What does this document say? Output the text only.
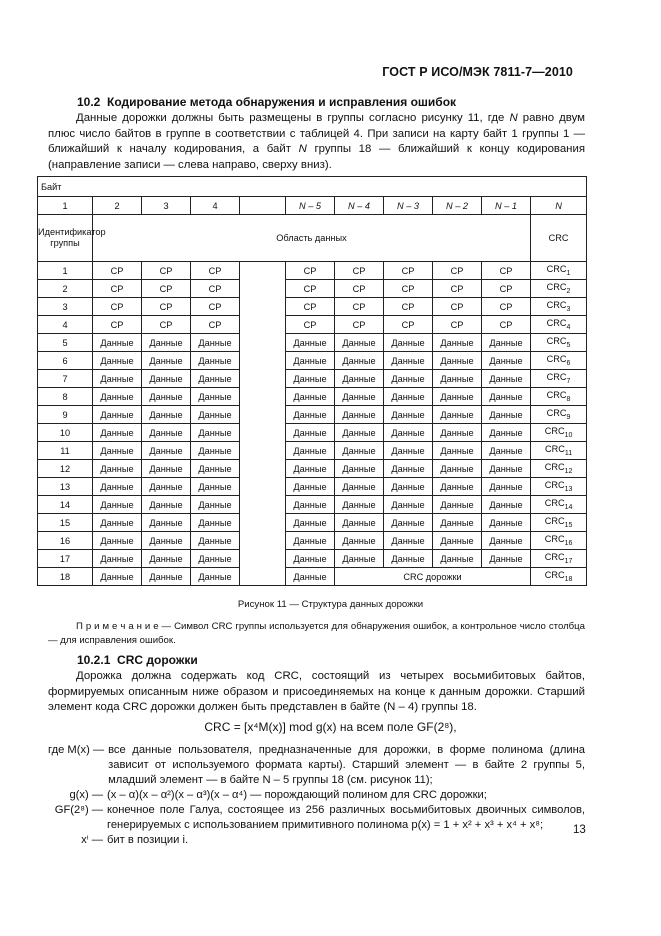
ГОСТ Р ИСО/МЭК 7811-7—2010
10.2 Кодирование метода обнаружения и исправления ошибок
Данные дорожки должны быть размещены в группы согласно рисунку 11, где N равно двум плюс число байтов в группе в соответствии с таблицей 4. При записи на карту байт 1 группы 1 — ближайший к началу кодирования, а байт N группы 18 — ближайший к концу кодирования (направление записи — слева направо, сверху вниз).
Байт										
1	2	3	4		N – 5	N – 4	N – 3	N – 2	N – 1	N
Идентификатор группы	Область данных									CRC
1	CP	CP	CP		CP	CP	CP	CP	CP	$CRC_1$
2	CP	CP	CP		CP	CP	CP	CP	CP	$CRC_2$
3	CP	CP	CP		CP	CP	CP	CP	CP	$CRC_3$
4	CP	CP	CP		CP	CP	CP	CP	CP	$CRC_4$
5	Данные	Данные	Данные		Данные	Данные	Данные	Данные	Данные	$CRC_5$
6	Данные	Данные	Данные		Данные	Данные	Данные	Данные	Данные	$CRC_6$
7	Данные	Данные	Данные		Данные	Данные	Данные	Данные	Данные	$CRC_7$
8	Данные	Данные	Данные		Данные	Данные	Данные	Данные	Данные	$CRC_8$
9	Данные	Данные	Данные		Данные	Данные	Данные	Данные	Данные	$CRC_9$
10	Данные	Данные	Данные		Данные	Данные	Данные	Данные	Данные	$CRC_{10}$
11	Данные	Данные	Данные		Данные	Данные	Данные	Данные	Данные	$CRC_{11}$
12	Данные	Данные	Данные		Данные	Данные	Данные	Данные	Данные	$CRC_{12}$
13	Данные	Данные	Данные		Данные	Данные	Данные	Данные	Данные	$CRC_{13}$
14	Данные	Данные	Данные		Данные	Данные	Данные	Данные	Данные	$CRC_{14}$
15	Данные	Данные	Данные		Данные	Данные	Данные	Данные	Данные	$CRC_{15}$
16	Данные	Данные	Данные		Данные	Данные	Данные	Данные	Данные	$CRC_{16}$
17	Данные	Данные	Данные		Данные	Данные	Данные	Данные	Данные	$CRC_{17}$
18	Данные	Данные	Данные		Данные	CRC дорожки				$CRC_{18}$
Рисунок 11 — Структура данных дорожки
П р и м е ч а н и е — Символ CRC группы используется для обнаружения ошибок, а контрольное число столбца — для исправления ошибок.
10.2.1 CRC дорожки
Дорожка должна содержать код CRC, состоящий из четырех восьмибитовых байтов, формируемых описанным ниже образом и присоединяемых на конце к данным дорожки. Старший элемент кода CRC дорожки должен быть представлен в байте (N – 4) группы 18.
CRC = [x⁴M(x)] mod g(x) на всем поле GF(2⁸),
где M(x) — все данные пользователя, предназначенные для дорожки, в форме полинома (длина зависит от используемого формата карты). Старший элемент — в байте 2 группы 5, младший элемент — в байте N – 5 группы 18 (см. рисунок 11);
g(x) — (x – α)(x – α²)(x – α³)(x – α⁴) — порождающий полином для CRC дорожки;
GF(2⁸) — конечное поле Галуа, состоящее из 256 различных восьмибитовых двоичных символов, генерируемых с использованием примитивного полинома p(x) = 1 + x² + x³ + x⁴ + x⁸;
xⁱ — бит в позиции i.
13
